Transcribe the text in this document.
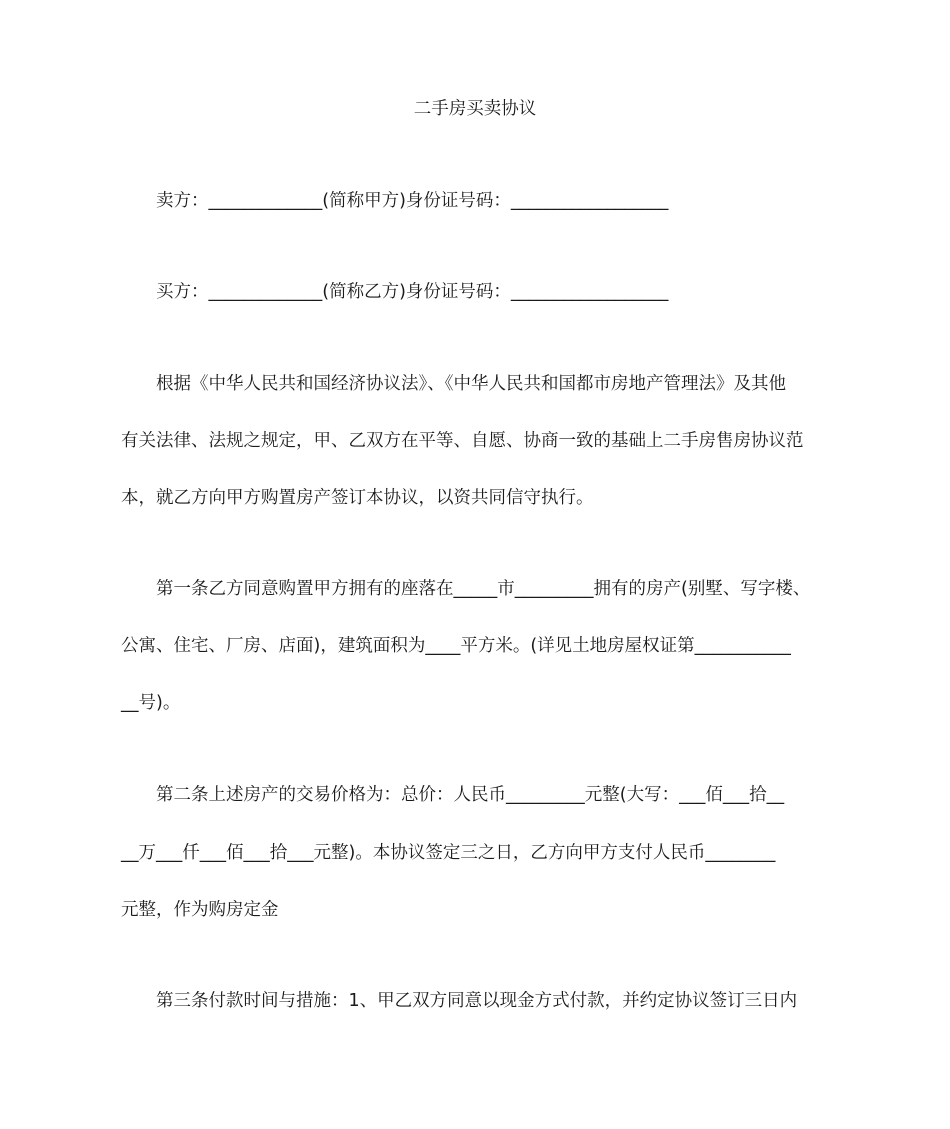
二手房买卖协议
卖方：_____________(简称甲方)身份证号码：__________________
买方：_____________(简称乙方)身份证号码：__________________
根据《中华人民共和国经济协议法》、《中华人民共和国都市房地产管理法》及其他
有关法律、法规之规定，甲、乙双方在平等、自愿、协商一致的基础上二手房售房协议范
本，就乙方向甲方购置房产签订本协议，以资共同信守执行。
第一条乙方同意购置甲方拥有的座落在_____市_________拥有的房产(别墅、写字楼、
公寓、住宅、厂房、店面)，建筑面积为____平方米。(详见土地房屋权证第___________
__号)。
第二条上述房产的交易价格为：总价：人民币_________元整(大写：___佰___拾__
__万___仟___佰___拾___元整)。本协议签定三之日，乙方向甲方支付人民币________
元整，作为购房定金
第三条付款时间与措施：1、甲乙双方同意以现金方式付款，并约定协议签订三日内
